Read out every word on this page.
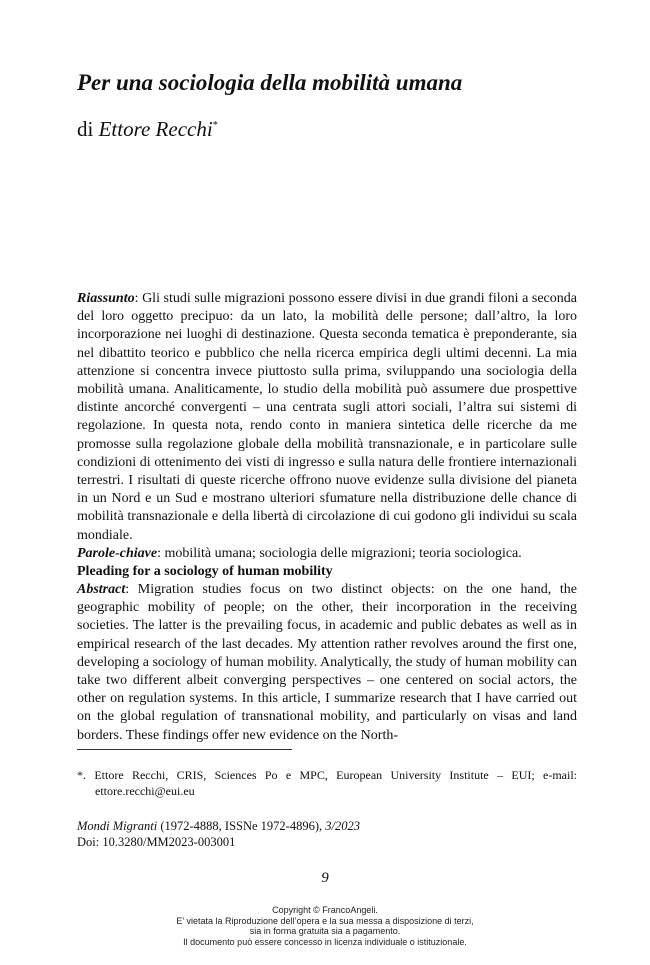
Per una sociologia della mobilità umana
di Ettore Recchi*

Riassunto: Gli studi sulle migrazioni possono essere divisi in due grandi filoni a seconda del loro oggetto precipuo: da un lato, la mobilità delle persone; dall’altro, la loro incorporazione nei luoghi di destinazione. Questa seconda tematica è preponderante, sia nel dibattito teorico e pubblico che nella ricerca empirica degli ultimi decenni. La mia attenzione si concentra invece piuttosto sulla prima, sviluppando una sociologia della mobilità umana. Analiticamente, lo studio della mobilità può assumere due prospettive distinte ancorché convergenti – una centrata sugli attori sociali, l’altra sui sistemi di regolazione. In questa nota, rendo conto in maniera sintetica delle ricerche da me promosse sulla regolazione globale della mobilità transnazionale, e in particolare sulle condizioni di ottenimento dei visti di ingresso e sulla natura delle frontiere internazionali terrestri. I risultati di queste ricerche offrono nuove evidenze sulla divisione del pianeta in un Nord e un Sud e mostrano ulteriori sfumature nella distribuzione delle chance di mobilità transnazionale e della libertà di circolazione di cui godono gli individui su scala mondiale.
Parole-chiave: mobilità umana; sociologia delle migrazioni; teoria sociologica.

Pleading for a sociology of human mobility

Abstract: Migration studies focus on two distinct objects: on the one hand, the geographic mobility of people; on the other, their incorporation in the receiving societies. The latter is the prevailing focus, in academic and public debates as well as in empirical research of the last decades. My attention rather revolves around the first one, developing a sociology of human mobility. Analytically, the study of human mobility can take two different albeit converging perspectives – one centered on social actors, the other on regulation systems. In this article, I summarize research that I have carried out on the global regulation of transnational mobility, and particularly on visas and land borders. These findings offer new evidence on the North-

*. Ettore Recchi, CRIS, Sciences Po e MPC, European University Institute – EUI; e-mail: ettore.recchi@eui.eu
Mondi Migranti (1972-4888, ISSNe 1972-4896), 3/2023
Doi: 10.3280/MM2023-003001
9
Copyright © FrancoAngeli.
E’ vietata la Riproduzione dell’opera e la sua messa a disposizione di terzi,
sia in forma gratuita sia a pagamento.
Il documento può essere concesso in licenza individuale o istituzionale.
